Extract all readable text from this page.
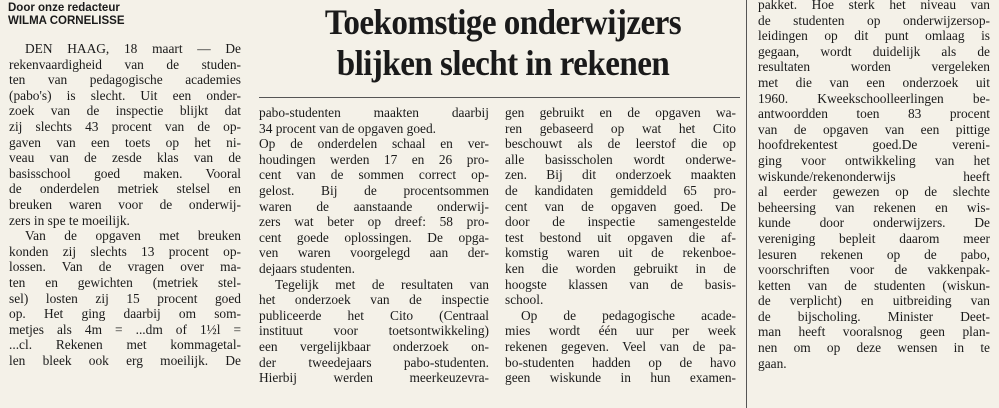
Door onze redacteur
WILMA CORNELISSE	Toekomstige onderwijzers
blijken slecht in rekenen
DEN HAAG, 18 maart — De
rekenvaardigheid van de studen-
ten van pedagogische academies
(pabo's) is slecht. Uit een onder-
zoek van de inspectie blijkt dat
zij slechts 43 procent van de op-
gaven van een toets op het ni-
veau van de zesde klas van de
basisschool goed maken. Vooral
de onderdelen metriek stelsel en
breuken waren voor de onderwij-
zers in spe te moeilijk.
Van de opgaven met breuken
konden zij slechts 13 procent op-
lossen. Van de vragen over ma-
ten en gewichten (metriek stel-
sel) losten zij 15 procent goed
op. Het ging daarbij om som-
metjes als 4m = ...dm of 1½l =
...cl. Rekenen met kommagetal-
len bleek ook erg moeilijk. De
pabo-studenten maakten daarbij
34 procent van de opgaven goed.
Op de onderdelen schaal en ver-
houdingen werden 17 en 26 pro-
cent van de sommen correct op-
gelost. Bij de procentsommen
waren de aanstaande onderwij-
zers wat beter op dreef: 58 pro-
cent goede oplossingen. De opga-
ven waren voorgelegd aan der-
dejaars studenten.
Tegelijk met de resultaten van
het onderzoek van de inspectie
publiceerde het Cito (Centraal
instituut voor toetsontwikkeling)
een vergelijkbaar onderzoek on-
der tweedejaars pabo-studenten.
Hierbij werden meerkeuzevra-
gen gebruikt en de opgaven wa-
ren gebaseerd op wat het Cito
beschouwt als de leerstof die op
alle basisscholen wordt onderwe-
zen. Bij dit onderzoek maakten
de kandidaten gemiddeld 65 pro-
cent van de opgaven goed. De
door de inspectie samengestelde
test bestond uit opgaven die af-
komstig waren uit de rekenboe-
ken die worden gebruikt in de
hoogste klassen van de basis-
school.
Op de pedagogische acade-
mies wordt één uur per week
rekenen gegeven. Veel van de pa-
bo-studenten hadden op de havo
geen wiskunde in hun examen-
pakket. Hoe sterk het niveau van
de studenten op onderwijzersop-
leidingen op dit punt omlaag is
gegaan, wordt duidelijk als de
resultaten worden vergeleken
met die van een onderzoek uit
1960. Kweekschoolleerlingen be-
antwoordden toen 83 procent
van de opgaven van een pittige
hoofdrekentest goed.De vereni-
ging voor ontwikkeling van het
wiskunde/rekenonderwijs heeft
al eerder gewezen op de slechte
beheersing van rekenen en wis-
kunde door onderwijzers. De
vereniging bepleit daarom meer
lesuren rekenen op de pabo,
voorschriften voor de vakkenpak-
ketten van de studenten (wiskun-
de verplicht) en uitbreiding van
de bijscholing. Minister Deet-
man heeft vooralsnog geen plan-
nen om op deze wensen in te
gaan.
